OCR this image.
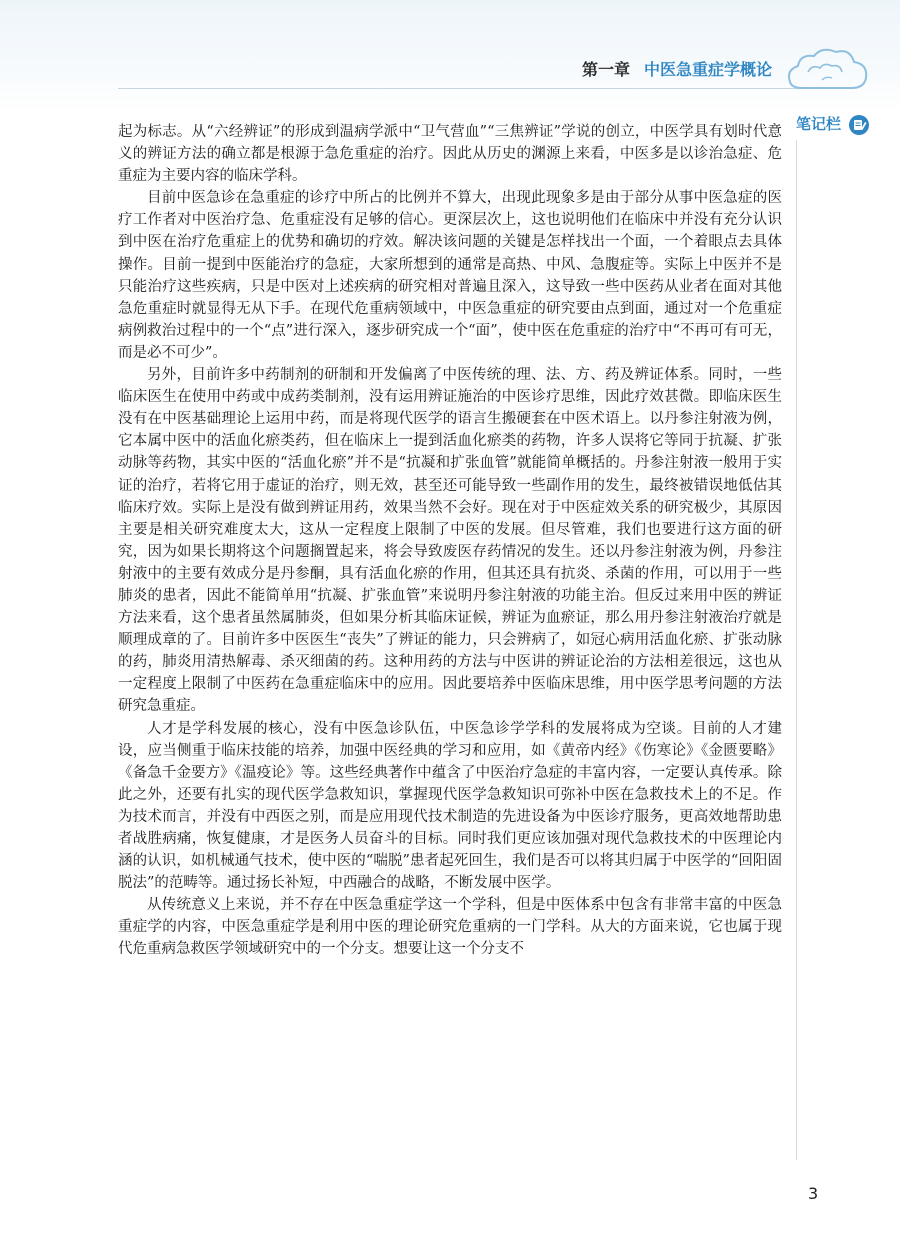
第一章 中医急重症学概论
笔记栏

起为标志。从“六经辨证”的形成到温病学派中“卫气营血”“三焦辨证”学说的创立，中医学具有划时代意义的辨证方法的确立都是根源于急危重症的治疗。因此从历史的渊源上来看，中医多是以诊治急症、危重症为主要内容的临床学科。

目前中医急诊在急重症的诊疗中所占的比例并不算大，出现此现象多是由于部分从事中医急症的医疗工作者对中医治疗急、危重症没有足够的信心。更深层次上，这也说明他们在临床中并没有充分认识到中医在治疗危重症上的优势和确切的疗效。解决该问题的关键是怎样找出一个面，一个着眼点去具体操作。目前一提到中医能治疗的急症，大家所想到的通常是高热、中风、急腹症等。实际上中医并不是只能治疗这些疾病，只是中医对上述疾病的研究相对普遍且深入，这导致一些中医药从业者在面对其他急危重症时就显得无从下手。在现代危重病领域中，中医急重症的研究要由点到面，通过对一个危重症病例救治过程中的一个“点”进行深入，逐步研究成一个“面”，使中医在危重症的治疗中“不再可有可无，而是必不可少”。

另外，目前许多中药制剂的研制和开发偏离了中医传统的理、法、方、药及辨证体系。同时，一些临床医生在使用中药或中成药类制剂，没有运用辨证施治的中医诊疗思维，因此疗效甚微。即临床医生没有在中医基础理论上运用中药，而是将现代医学的语言生搬硬套在中医术语上。以丹参注射液为例，它本属中医中的活血化瘀类药，但在临床上一提到活血化瘀类的药物，许多人误将它等同于抗凝、扩张动脉等药物，其实中医的“活血化瘀”并不是“抗凝和扩张血管”就能简单概括的。丹参注射液一般用于实证的治疗，若将它用于虚证的治疗，则无效，甚至还可能导致一些副作用的发生，最终被错误地低估其临床疗效。实际上是没有做到辨证用药，效果当然不会好。现在对于中医症效关系的研究极少，其原因主要是相关研究难度太大，这从一定程度上限制了中医的发展。但尽管难，我们也要进行这方面的研究，因为如果长期将这个问题搁置起来，将会导致废医存药情况的发生。还以丹参注射液为例，丹参注射液中的主要有效成分是丹参酮，具有活血化瘀的作用，但其还具有抗炎、杀菌的作用，可以用于一些肺炎的患者，因此不能简单用“抗凝、扩张血管”来说明丹参注射液的功能主治。但反过来用中医的辨证方法来看，这个患者虽然属肺炎，但如果分析其临床证候，辨证为血瘀证，那么用丹参注射液治疗就是顺理成章的了。目前许多中医医生“丧失”了辨证的能力，只会辨病了，如冠心病用活血化瘀、扩张动脉的药，肺炎用清热解毒、杀灭细菌的药。这种用药的方法与中医讲的辨证论治的方法相差很远，这也从一定程度上限制了中医药在急重症临床中的应用。因此要培养中医临床思维，用中医学思考问题的方法研究急重症。

人才是学科发展的核心，没有中医急诊队伍，中医急诊学学科的发展将成为空谈。目前的人才建设，应当侧重于临床技能的培养，加强中医经典的学习和应用，如《黄帝内经》《伤寒论》《金匮要略》《备急千金要方》《温疫论》等。这些经典著作中蕴含了中医治疗急症的丰富内容，一定要认真传承。除此之外，还要有扎实的现代医学急救知识，掌握现代医学急救知识可弥补中医在急救技术上的不足。作为技术而言，并没有中西医之别，而是应用现代技术制造的先进设备为中医诊疗服务，更高效地帮助患者战胜病痛，恢复健康，才是医务人员奋斗的目标。同时我们更应该加强对现代急救技术的中医理论内涵的认识，如机械通气技术，使中医的“喘脱”患者起死回生，我们是否可以将其归属于中医学的“回阳固脱法”的范畴等。通过扬长补短，中西融合的战略，不断发展中医学。

从传统意义上来说，并不存在中医急重症学这一个学科，但是中医体系中包含有非常丰富的中医急重症学的内容，中医急重症学是利用中医的理论研究危重病的一门学科。从大的方面来说，它也属于现代危重病急救医学领域研究中的一个分支。想要让这一个分支不

3
